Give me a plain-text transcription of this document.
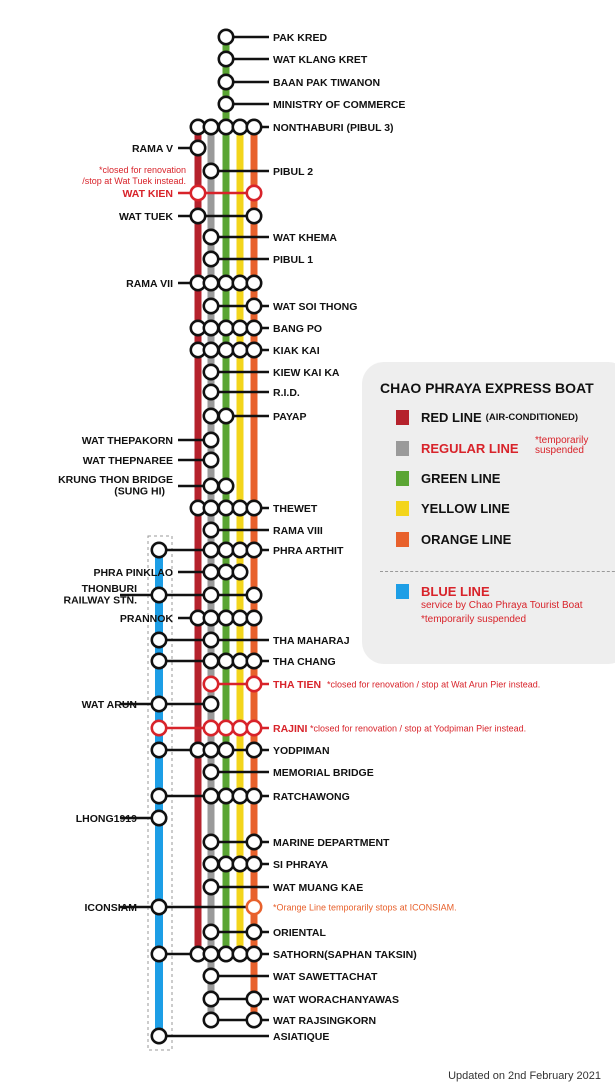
PAK KRED
WAT KLANG KRET
BAAN PAK TIWANON
MINISTRY OF COMMERCE
NONTHABURI (PIBUL 3)
RAMA V
PIBUL 2
WAT KIEN
*closed for renovation
/stop at Wat Tuek instead.
WAT TUEK
WAT KHEMA
PIBUL 1
RAMA VII
WAT SOI THONG
BANG PO
KIAK KAI
KIEW KAI KA
R.I.D.
PAYAP
WAT THEPAKORN
WAT THEPNAREE
KRUNG THON BRIDGE
(SUNG HI)
THEWET
RAMA VIII
PHRA ARTHIT
PHRA PINKLAO
THONBURI
RAILWAY STN.
PRANNOK
THA MAHARAJ
THA CHANG
THA TIEN *closed for renovation / stop at Wat Arun Pier instead.
WAT ARUN
RAJINI *closed for renovation / stop at Yodpiman Pier instead.
YODPIMAN
MEMORIAL BRIDGE
RATCHAWONG
LHONG1919
MARINE DEPARTMENT
SI PHRAYA
WAT MUANG KAE
ICONSIAM	*Orange Line temporarily stops at ICONSIAM.
ORIENTAL
SATHORN(SAPHAN TAKSIN)
WAT SAWETTACHAT
WAT WORACHANYAWAS
WAT RAJSINGKORN
ASIATIQUE
CHAO PHRAYA EXPRESS BOAT
RED LINE (AIR-CONDITIONED)
REGULAR LINE *temporarily suspended
GREEN LINE
YELLOW LINE
ORANGE LINE
BLUE LINE
service by Chao Phraya Tourist Boat
*temporarily suspended
Updated on 2nd February 2021
